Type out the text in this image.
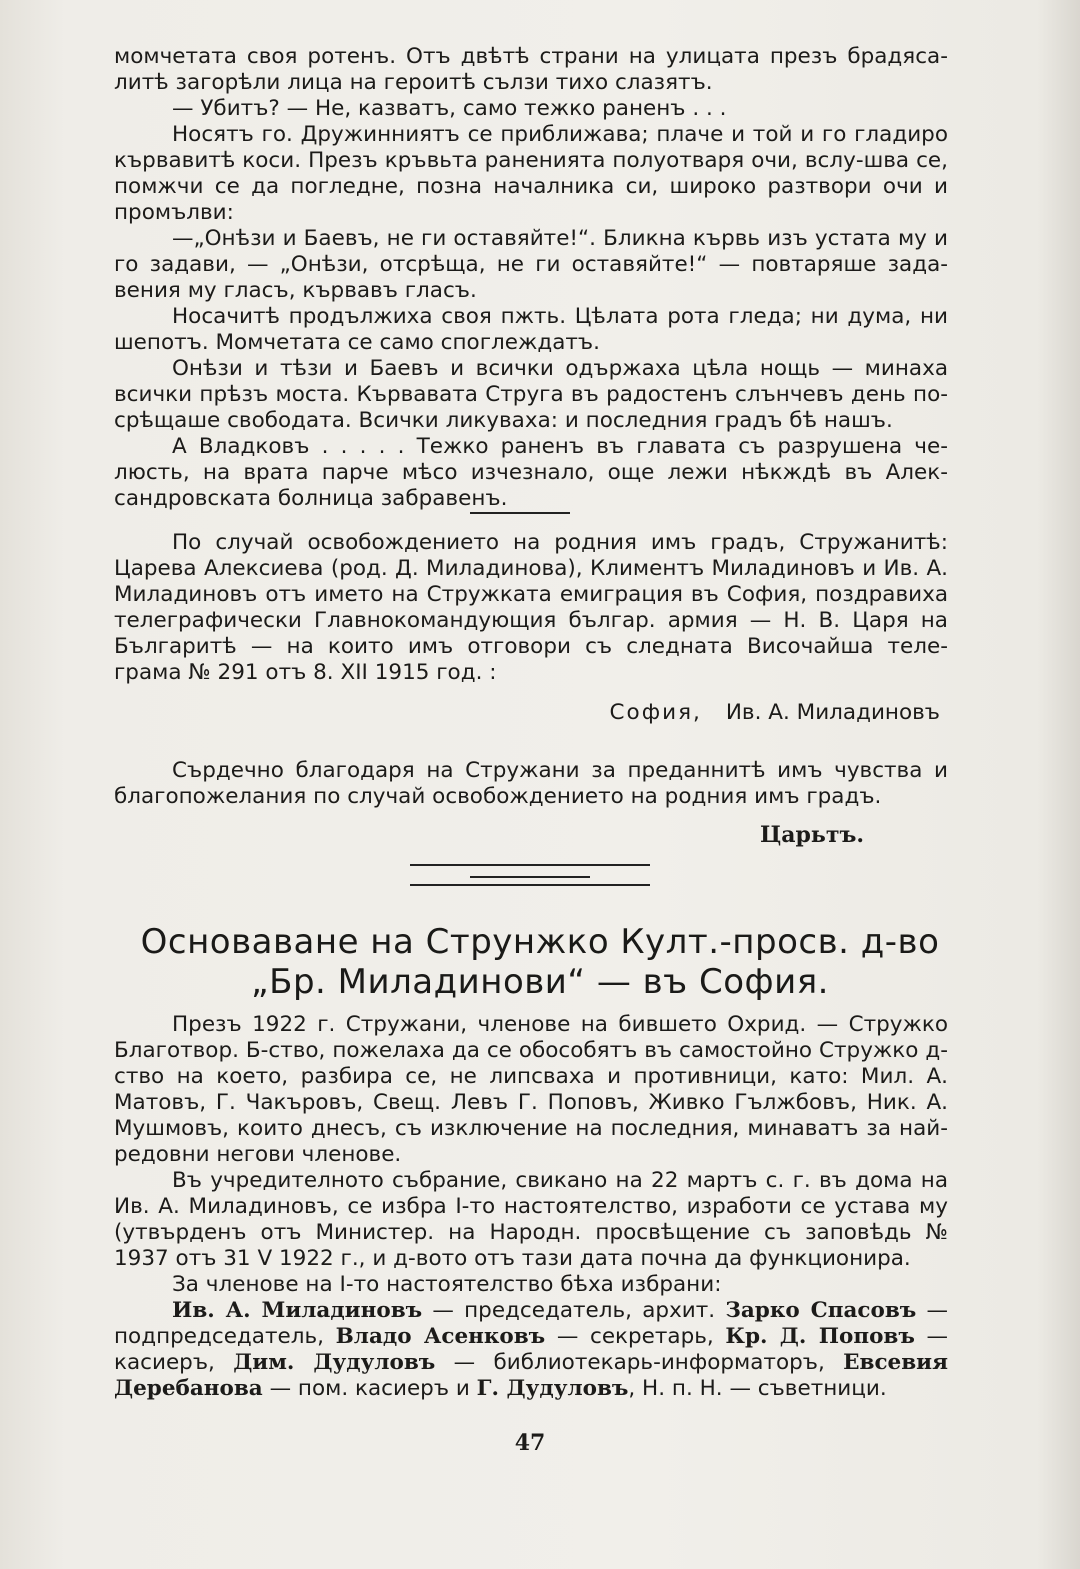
момчетата своя ротенъ. Отъ двѣтѣ страни на улицата презъ брадяса-литѣ загорѣли лица на героитѣ сълзи тихо слазятъ.

— Убитъ? — Не, казватъ, само тежко раненъ . . .

Носятъ го. Дружинниятъ се приближава; плаче и той и го гладиро кървавитѣ коси. Презъ кръвьта раненията полуотваря очи, вслу-шва се, помжчи се да погледне, позна началника си, широко разтвори очи и промълви:

—„Онѣзи и Баевъ, не ги оставяйте!“. Бликна кървь изъ устата му и го задави, — „Онѣзи, отсрѣща, не ги оставяйте!“ — повтаряше зада-вения му гласъ, кървавъ гласъ.

Носачитѣ продължиха своя пжть. Цѣлата рота гледа; ни дума, ни шепотъ. Момчетата се само споглеждатъ.

Онѣзи и тѣзи и Баевъ и всички одържаха цѣла нощь — минаха всички прѣзъ моста. Кървавата Струга въ радостенъ слънчевъ день по-срѣщаше свободата. Всички ликуваха: и последния градъ бѣ нашъ.

А Владковъ . . . . . Тежко раненъ въ главата съ разрушена че-люсть, на врата парче мѣсо изчезнало, още лежи нѣкждѣ въ Алек-сандровската болница забравенъ.

По случай освобождението на родния имъ градъ, Стружанитѣ: Царева Алексиева (род. Д. Миладинова), Климентъ Миладиновъ и Ив. А. Миладиновъ отъ името на Стружката емиграция въ София, поздравиха телеграфически Главнокомандующия българ. армия — Н. В. Царя на Българитѣ — на които имъ отговори съ следната Височайша теле-грама № 291 отъ 8. XII 1915 год. :

София, Ив. А. Миладиновъ

Сърдечно благодаря на Стружани за преданнитѣ имъ чувства и благопожелания по случай освобождението на родния имъ градъ.

Царьтъ.
Основаване на Струнжко Култ.-просв. д-во „Бр. Миладинови“ — въ София.

Презъ 1922 г. Стружани, членове на бившето Охрид. — Стружко Благотвор. Б-ство, пожелаха да се обособятъ въ самостойно Стружко д-ство на което, разбира се, не липсваха и противници, като: Мил. А. Матовъ, Г. Чакъровъ, Свещ. Левъ Г. Поповъ, Живко Гължбовъ, Ник. А. Мушмовъ, които днесъ, съ изключение на последния, минаватъ за най-редовни негови членове.

Въ учредителното събрание, свикано на 22 мартъ с. г. въ дома на Ив. А. Миладиновъ, се избра І-то настоятелство, изработи се устава му (утвърденъ отъ Министер. на Народн. просвѣщение съ заповѣдь № 1937 отъ 31 V 1922 г., и д-вото отъ тази дата почна да функционира.

За членове на І-то настоятелство бѣха избрани:

Ив. А. Миладиновъ — председатель, архит. Зарко Спасовъ — подпредседатель, Владо Асенковъ — секретарь, Кр. Д. Поповъ — касиеръ, Дим. Дудуловъ — библиотекарь-информаторъ, Евсевия Деребанова — пом. касиеръ и Г. Дудуловъ, Н. п. Н. — съветници.

47
